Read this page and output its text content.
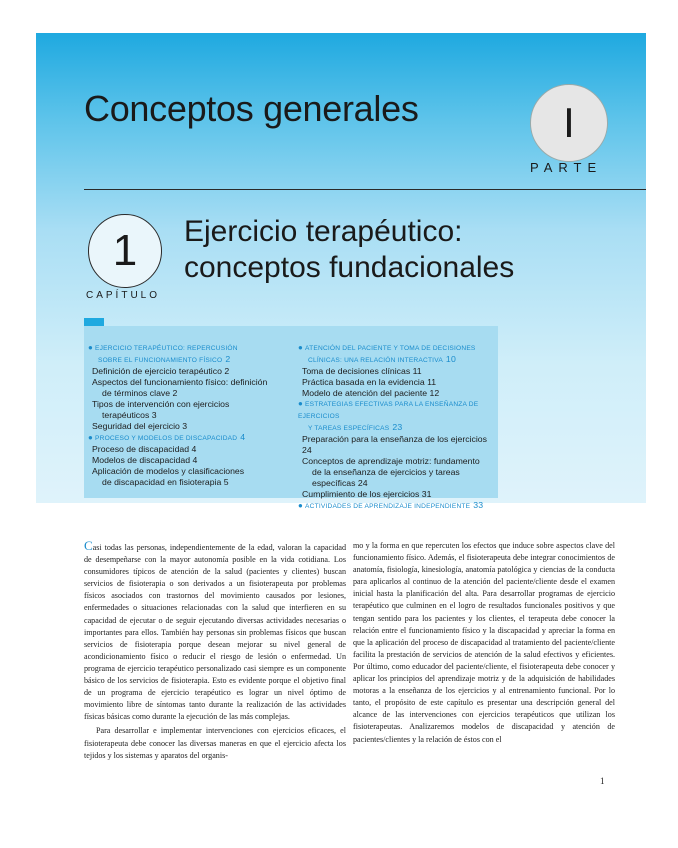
Conceptos generales	I
PARTE
1
CAPÍTULO
Ejercicio terapéutico:
conceptos fundacionales
● EJERCICIO TERAPÉUTICO: REPERCUSIÓN
SOBRE EL FUNCIONAMIENTO FÍSICO 2
Definición de ejercicio terapéutico 2
Aspectos del funcionamiento físico: definición
de términos clave 2
Tipos de intervención con ejercicios
terapéuticos 3
Seguridad del ejercicio 3
● PROCESO Y MODELOS DE DISCAPACIDAD 4
Proceso de discapacidad 4
Modelos de discapacidad 4
Aplicación de modelos y clasificaciones
de discapacidad en fisioterapia 5
● ATENCIÓN DEL PACIENTE Y TOMA DE DECISIONES
CLÍNICAS: UNA RELACIÓN INTERACTIVA 10
Toma de decisiones clínicas 11
Práctica basada en la evidencia 11
Modelo de atención del paciente 12
● ESTRATEGIAS EFECTIVAS PARA LA ENSEÑANZA DE EJERCICIOS
Y TAREAS ESPECÍFICAS 23
Preparación para la enseñanza de los ejercicios 24
Conceptos de aprendizaje motriz: fundamento
de la enseñanza de ejercicios y tareas
específicas 24
Cumplimiento de los ejercicios 31
● ACTIVIDADES DE APRENDIZAJE INDEPENDIENTE 33

Casi todas las personas, independientemente de la edad, valoran la capacidad de desempeñarse con la mayor autonomía posible en la vida cotidiana. Los consumidores típicos de atención de la salud (pacientes y clientes) buscan servicios de fisioterapia o son derivados a un fisioterapeuta por problemas físicos asociados con trastornos del movimiento causados por lesiones, enfermedades o situaciones relacionadas con la salud que interfieren en su capacidad de ejecutar o de seguir ejecutando diversas actividades necesarias o importantes para ellos. También hay personas sin problemas físicos que buscan servicios de fisioterapia porque desean mejorar su nivel general de acondicionamiento físico o reducir el riesgo de lesión o enfermedad. Un programa de ejercicio terapéutico personalizado casi siempre es un componente básico de los servicios de fisioterapia. Esto es evidente porque el objetivo final de un programa de ejercicio terapéutico es lograr un nivel óptimo de movimiento libre de síntomas tanto durante la realización de las actividades físicas básicas como durante la ejecución de las más complejas.

Para desarrollar e implementar intervenciones con ejercicios eficaces, el fisioterapeuta debe conocer las diversas maneras en que el ejercicio afecta los tejidos y los sistemas y aparatos del organis-

mo y la forma en que repercuten los efectos que induce sobre aspectos clave del funcionamiento físico. Además, el fisioterapeuta debe integrar conocimientos de anatomía, fisiología, kinesiología, anatomía patológica y ciencias de la conducta para aplicarlos al continuo de la atención del paciente/cliente desde el examen inicial hasta la planificación del alta. Para desarrollar programas de ejercicio terapéutico que culminen en el logro de resultados funcionales positivos y que tengan sentido para los pacientes y los clientes, el terapeuta debe conocer la relación entre el funcionamiento físico y la discapacidad y apreciar la forma en que la aplicación del proceso de discapacidad al tratamiento del paciente/cliente facilita la prestación de servicios de atención de la salud efectivos y eficientes. Por último, como educador del paciente/cliente, el fisioterapeuta debe conocer y aplicar los principios del aprendizaje motriz y de la adquisición de habilidades motoras a la enseñanza de los ejercicios y al entrenamiento funcional. Por lo tanto, el propósito de este capítulo es presentar una descripción general del alcance de las intervenciones con ejercicios terapéuticos que utilizan los fisioterapeutas. Analizaremos modelos de discapacidad y atención de pacientes/clientes y la relación de éstos con el

1
